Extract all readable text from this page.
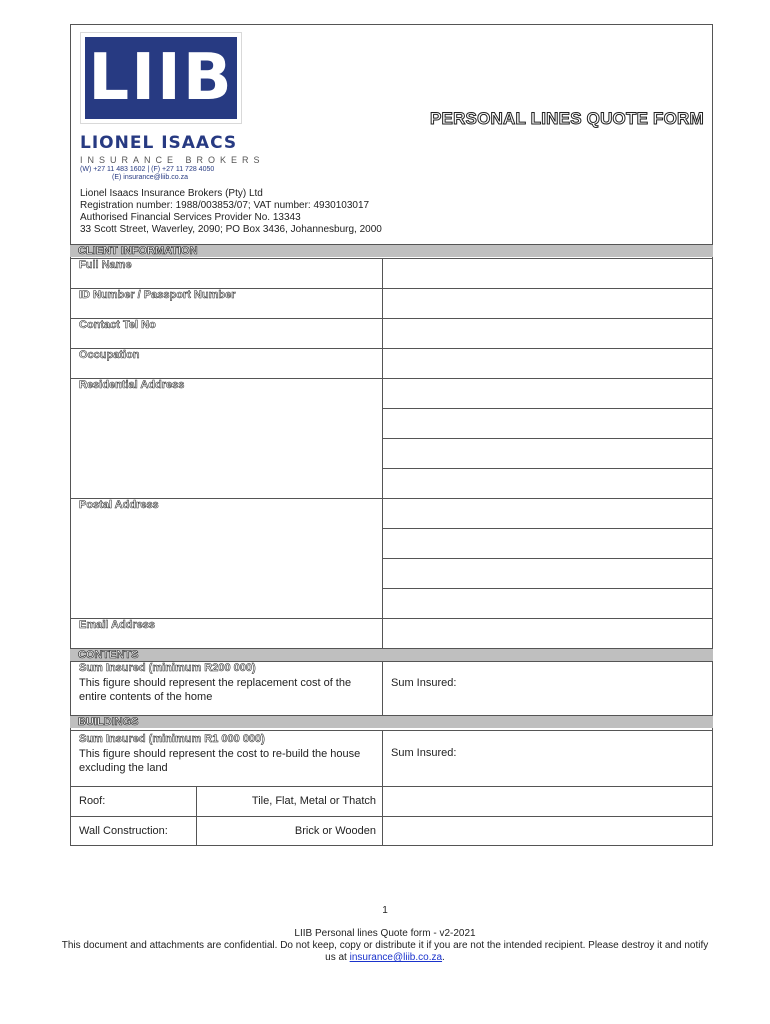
LIIB
LIONEL ISAACS
INSURANCE BROKERS
(W) +27 11 483 1602 | (F) +27 11 728 4050
(E) insurance@liib.co.za
PERSONAL LINES QUOTE FORM
Lionel Isaacs Insurance Brokers (Pty) Ltd
Registration number: 1988/003853/07; VAT number: 4930103017
Authorised Financial Services Provider No. 13343
33 Scott Street, Waverley, 2090; PO Box 3436, Johannesburg, 2000
CLIENT INFORMATION
Full Name
ID Number / Passport Number
Contact Tel No
Occupation
Residential Address
Postal Address
Email Address
CONTENTS
Sum Insured (minimum R200 000)
This figure should represent the replacement cost of the
entire contents of the home
Sum Insured:
BUILDINGS
Sum Insured (minimum R1 000 000)
This figure should represent the cost to re-build the house
excluding the land
Sum Insured:
Roof:	Tile, Flat, Metal or Thatch
Wall Construction:	Brick or Wooden
1
LIIB Personal lines Quote form - v2-2021
This document and attachments are confidential. Do not keep, copy or distribute it if you are not the intended recipient. Please destroy it and notify us at insurance@liib.co.za.
